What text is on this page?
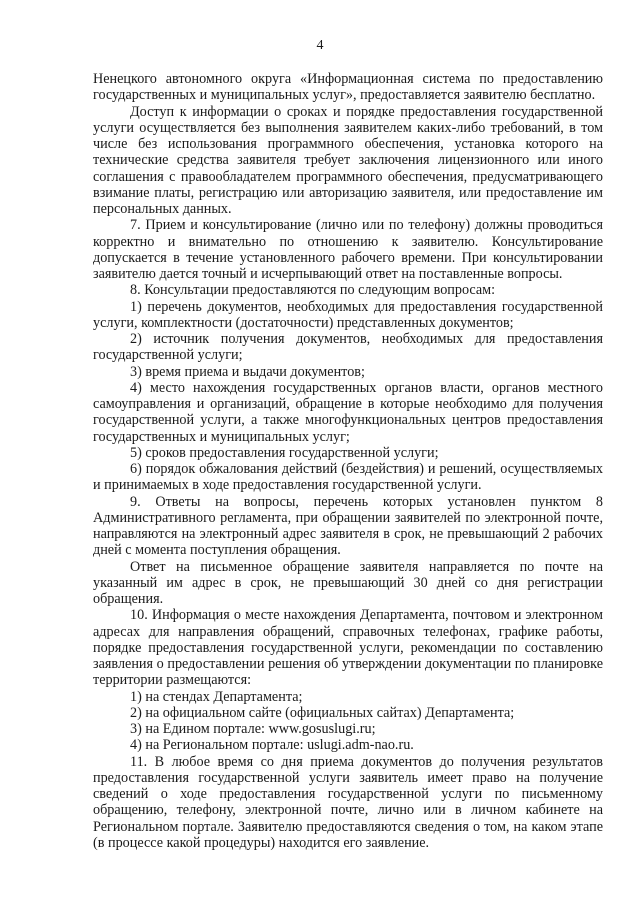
4

Ненецкого автономного округа «Информационная система по предоставлению государственных и муниципальных услуг», предоставляется заявителю бесплатно.

Доступ к информации о сроках и порядке предоставления государственной услуги осуществляется без выполнения заявителем каких-либо требований, в том числе без использования программного обеспечения, установка которого на технические средства заявителя требует заключения лицензионного или иного соглашения с правообладателем программного обеспечения, предусматривающего взимание платы, регистрацию или авторизацию заявителя, или предоставление им персональных данных.

7. Прием и консультирование (лично или по телефону) должны проводиться корректно и внимательно по отношению к заявителю. Консультирование допускается в течение установленного рабочего времени. При консультировании заявителю дается точный и исчерпывающий ответ на поставленные вопросы.

8. Консультации предоставляются по следующим вопросам:

1) перечень документов, необходимых для предоставления государственной услуги, комплектности (достаточности) представленных документов;

2) источник получения документов, необходимых для предоставления государственной услуги;

3) время приема и выдачи документов;

4) место нахождения государственных органов власти, органов местного самоуправления и организаций, обращение в которые необходимо для получения государственной услуги, а также многофункциональных центров предоставления государственных и муниципальных услуг;

5) сроков предоставления государственной услуги;

6) порядок обжалования действий (бездействия) и решений, осуществляемых и принимаемых в ходе предоставления государственной услуги.

9. Ответы на вопросы, перечень которых установлен пунктом 8 Административного регламента, при обращении заявителей по электронной почте, направляются на электронный адрес заявителя в срок, не превышающий 2 рабочих дней с момента поступления обращения.

Ответ на письменное обращение заявителя направляется по почте на указанный им адрес в срок, не превышающий 30 дней со дня регистрации обращения.

10. Информация о месте нахождения Департамента, почтовом и электронном адресах для направления обращений, справочных телефонах, графике работы, порядке предоставления государственной услуги, рекомендации по составлению заявления о предоставлении решения об утверждении документации по планировке территории размещаются:

1) на стендах Департамента;

2) на официальном сайте (официальных сайтах) Департамента;

3) на Едином портале: www.gosuslugi.ru;

4) на Региональном портале: uslugi.adm-nao.ru.

11. В любое время со дня приема документов до получения результатов предоставления государственной услуги заявитель имеет право на получение сведений о ходе предоставления государственной услуги по письменному обращению, телефону, электронной почте, лично или в личном кабинете на Региональном портале. Заявителю предоставляются сведения о том, на каком этапе (в процессе какой процедуры) находится его заявление.
